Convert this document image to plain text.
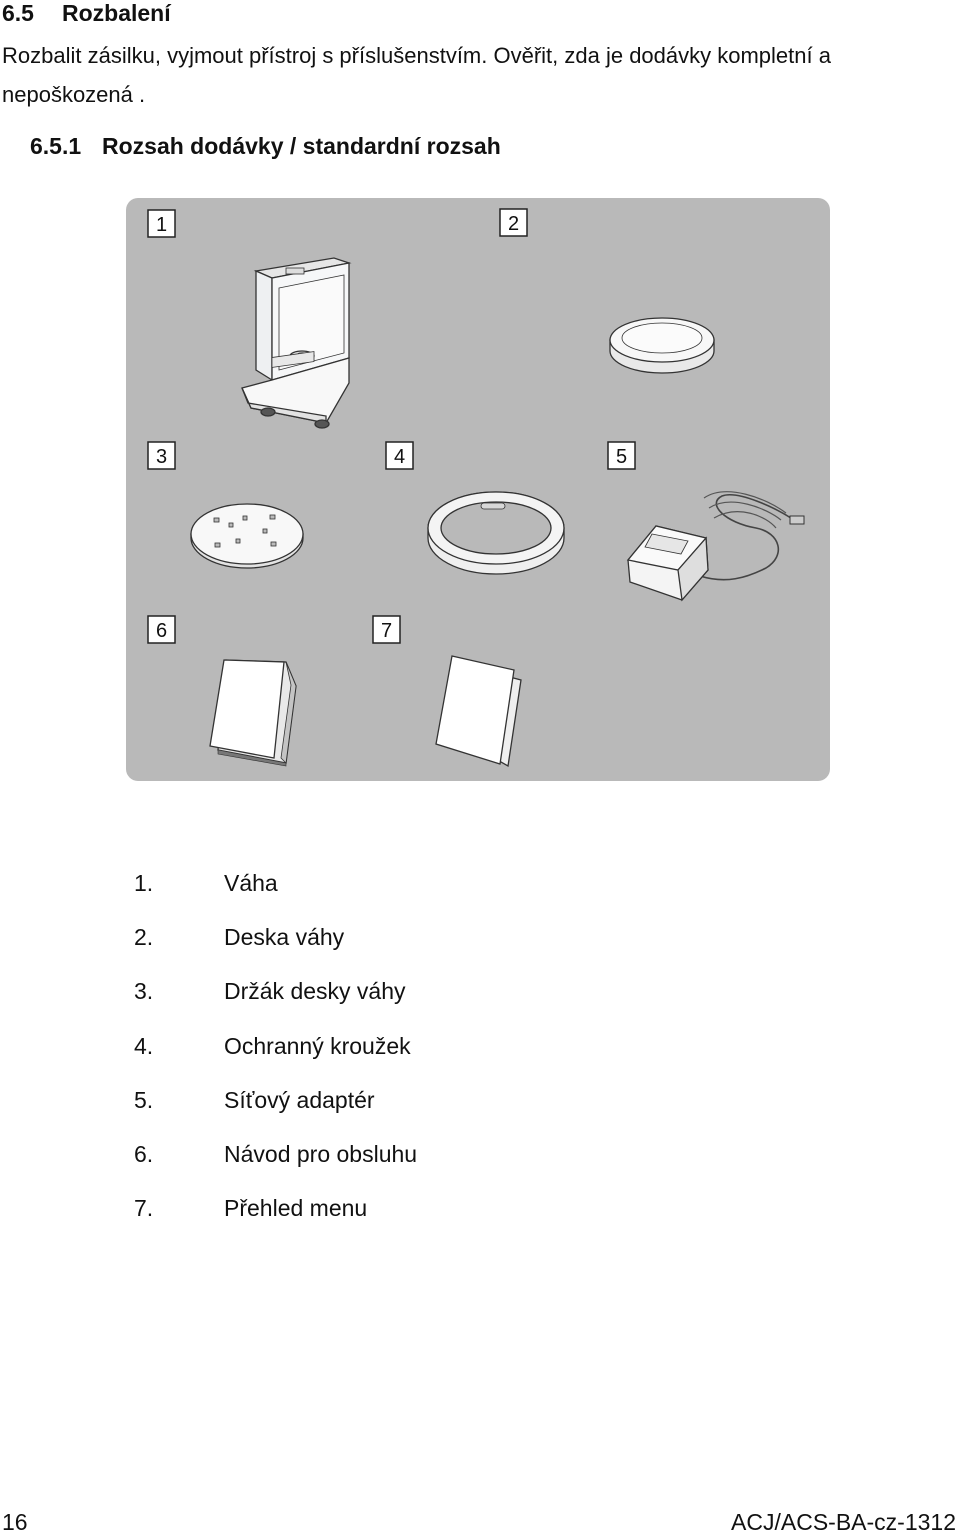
6.5 Rozbalení
Rozbalit zásilku, vyjmout přístroj s příslušenstvím. Ověřit, zda je dodávky kompletní a nepoškozená .
6.5.1 Rozsah dodávky / standardní rozsah
1	2
3	4	5
6	7
1.	Váha
2.	Deska váhy
3.	Držák desky váhy
4.	Ochranný kroužek
5.	Síťový adaptér
6.	Návod pro obsluhu
7.	Přehled menu
16	ACJ/ACS-BA-cz-1312
